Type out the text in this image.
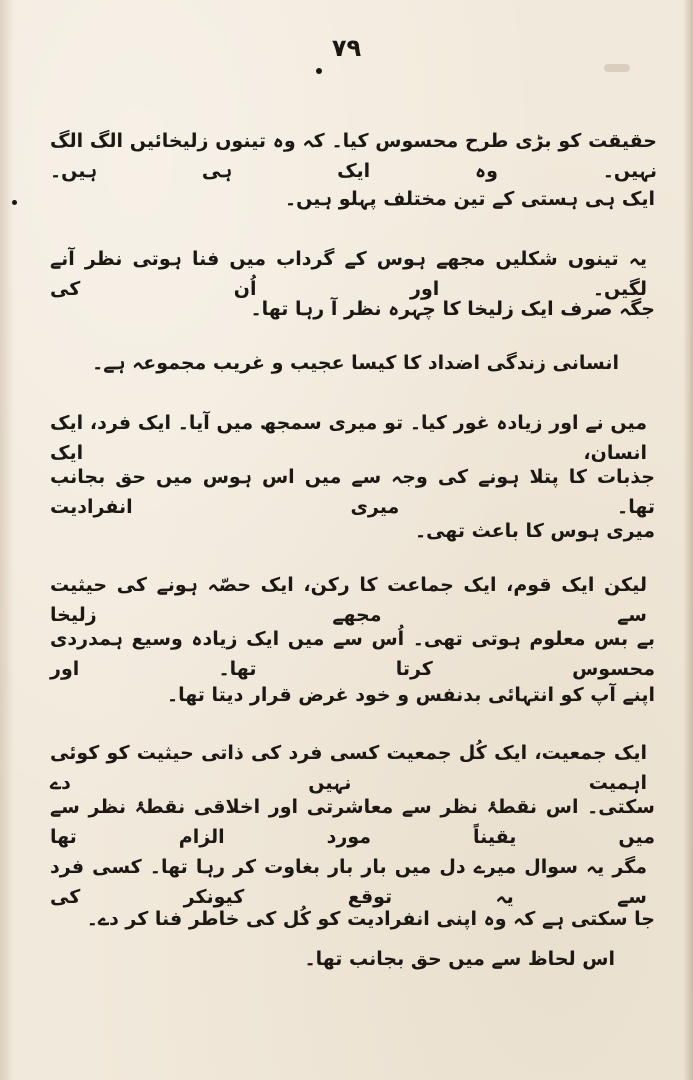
۷۹
حقیقت کو بڑی طرح محسوس کیا۔ کہ وہ تینوں زلیخائیں الگ الگ نہیں۔ وہ ایک ہی ہیں۔
ایک ہی ہستی کے تین مختلف پہلو ہیں۔
یہ تینوں شکلیں مجھے ہوس کے گرداب میں فنا ہوتی نظر آنے لگیں۔ اور اُن کی
جگہ صرف ایک زلیخا کا چہرہ نظر آ رہا تھا۔
انسانی زندگی اضداد کا کیسا عجیب و غریب مجموعہ ہے۔
میں نے اور زیادہ غور کیا۔ تو میری سمجھ میں آیا۔ ایک فرد، ایک انسان، ایک
جذبات کا پتلا ہونے کی وجہ سے میں اس ہوس میں حق بجانب تھا۔ میری انفرادیت
میری ہوس کا باعث تھی۔
لیکن ایک قوم، ایک جماعت کا رکن، ایک حصّہ ہونے کی حیثیت سے مجھے زلیخا
بے بس معلوم ہوتی تھی۔ اُس سے میں ایک زیادہ وسیع ہمدردی محسوس کرتا تھا۔ اور
اپنے آپ کو انتہائی بدنفس و خود غرض قرار دیتا تھا۔
ایک جمعیت، ایک کُل جمعیت کسی فرد کی ذاتی حیثیت کو کوئی اہمیت نہیں دے
سکتی۔ اس نقطۂ نظر سے معاشرتی اور اخلاقی نقطۂ نظر سے میں یقیناً مورد الزام تھا
مگر یہ سوال میرے دل میں بار بار بغاوت کر رہا تھا۔ کسی فرد سے یہ توقع کیونکر کی
جا سکتی ہے کہ وہ اپنی انفرادیت کو کُل کی خاطر فنا کر دے۔
اس لحاظ سے میں حق بجانب تھا۔
